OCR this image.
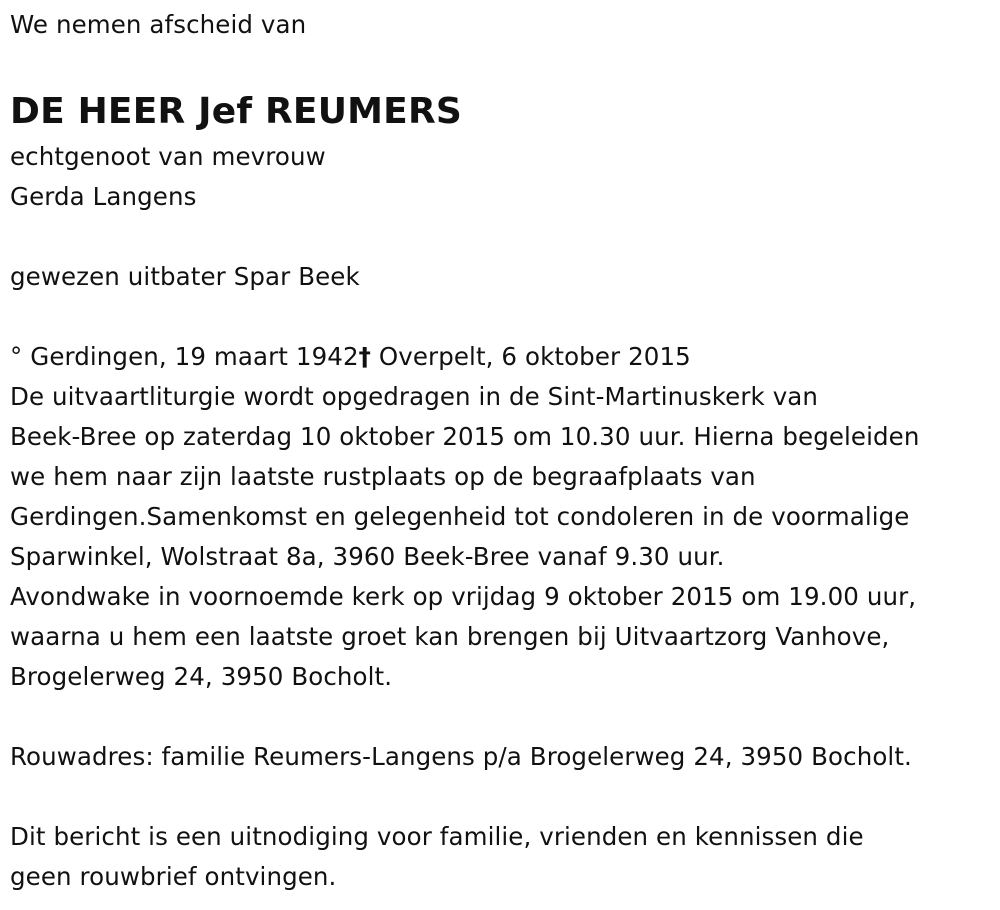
We nemen afscheid van
DE HEER Jef REUMERS
echtgenoot van mevrouw
Gerda Langens
gewezen uitbater Spar Beek
° Gerdingen, 19 maart 1942† Overpelt, 6 oktober 2015
De uitvaartliturgie wordt opgedragen in de Sint-Martinuskerk van
Beek-Bree op zaterdag 10 oktober 2015 om 10.30 uur. Hierna begeleiden
we hem naar zijn laatste rustplaats op de begraafplaats van
Gerdingen.Samenkomst en gelegenheid tot condoleren in de voormalige
Sparwinkel, Wolstraat 8a, 3960 Beek-Bree vanaf 9.30 uur.
Avondwake in voornoemde kerk op vrijdag 9 oktober 2015 om 19.00 uur,
waarna u hem een laatste groet kan brengen bij Uitvaartzorg Vanhove,
Brogelerweg 24, 3950 Bocholt.
Rouwadres: familie Reumers-Langens p/a Brogelerweg 24, 3950 Bocholt.
Dit bericht is een uitnodiging voor familie, vrienden en kennissen die
geen rouwbrief ontvingen.
